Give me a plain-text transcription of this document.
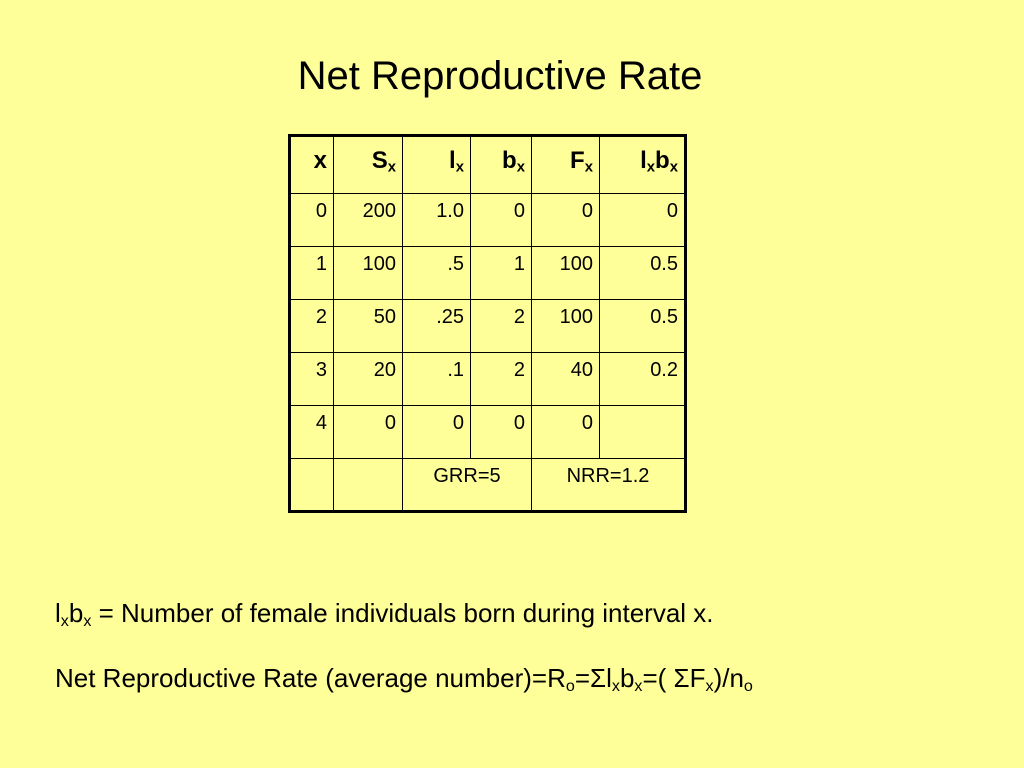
Net Reproductive Rate
x	$S_x$	$l_x$	$b_x$	$F_x$	$l_xb_x$
0	200	1.0	0	0	0
1	100	.5	1	100	0.5
2	50	.25	2	100	0.5
3	20	.1	2	40	0.2
4	0	0	0	0	
		GRR=5		NRR=1.2	
$l_xb_x$ = Number of female individuals born during interval x.
Net Reproductive Rate (average $number)=R_o=\Sigma l_xb_x=$( $\Sigma F_x)/n_o$
